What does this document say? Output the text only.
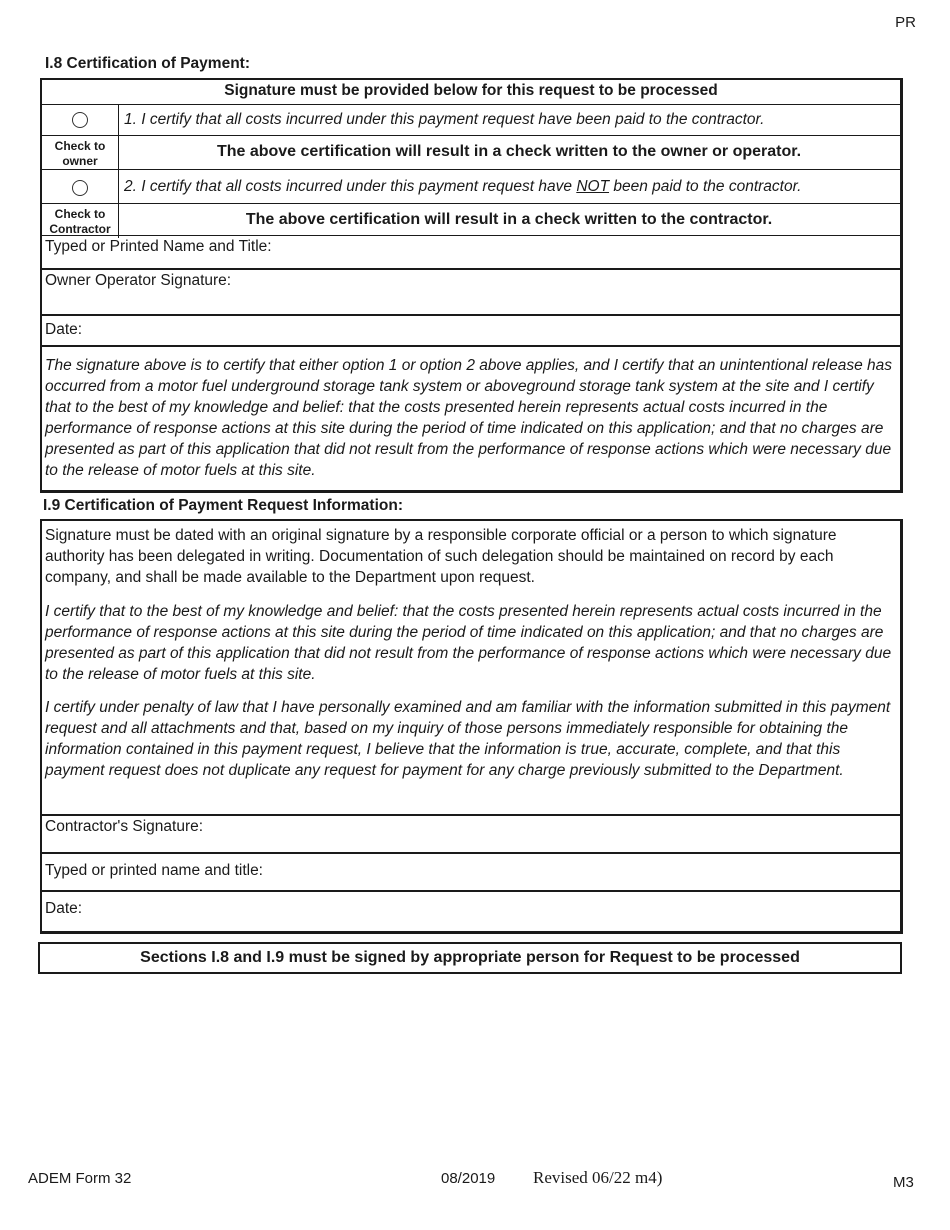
PR
I.8 Certification of Payment:
Signature must be provided below for this request to be processed
1. I certify that all costs incurred under this payment request have been paid to the contractor.
Check to owner
The above certification will result in a check written to the owner or operator.
2. I certify that all costs incurred under this payment request have NOT been paid to the contractor.
Check to Contractor
The above certification will result in a check written to the contractor.
Typed or Printed Name and Title:
Owner Operator Signature:
Date:
The signature above is to certify that either option 1 or option 2 above applies, and I certify that an unintentional release has occurred from a motor fuel underground storage tank system or aboveground storage tank system at the site and I certify that to the best of my knowledge and belief: that the costs presented herein represents actual costs incurred in the performance of response actions at this site during the period of time indicated on this application; and that no charges are presented as part of this application that did not result from the performance of response actions which were necessary due to the release of motor fuels at this site.
I.9 Certification of Payment Request Information:
Signature must be dated with an original signature by a responsible corporate official or a person to which signature authority has been delegated in writing. Documentation of such delegation should be maintained on record by each company, and shall be made available to the Department upon request.
I certify that to the best of my knowledge and belief: that the costs presented herein represents actual costs incurred in the performance of response actions at this site during the period of time indicated on this application; and that no charges are presented as part of this application that did not result from the performance of response actions which were necessary due to the release of motor fuels at this site.
I certify under penalty of law that I have personally examined and am familiar with the information submitted in this payment request and all attachments and that, based on my inquiry of those persons immediately responsible for obtaining the information contained in this payment request, I believe that the information is true, accurate, complete, and that this payment request does not duplicate any request for payment for any charge previously submitted to the Department.
Contractor's Signature:
Typed or printed name and title:
Date:
Sections I.8 and I.9 must be signed by appropriate person for Request to be processed
ADEM Form 32	08/2019 Revised 06/22 m4)	M3
